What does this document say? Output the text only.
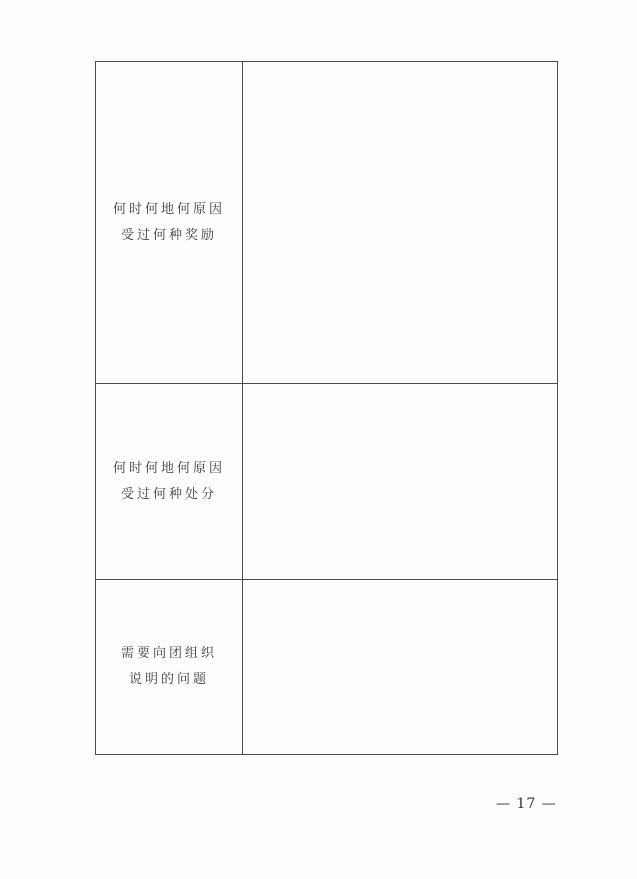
何时何地何原因
受过何种奖励
何时何地何原因
受过何种处分
需要向团组织
说明的问题
— 17 —
